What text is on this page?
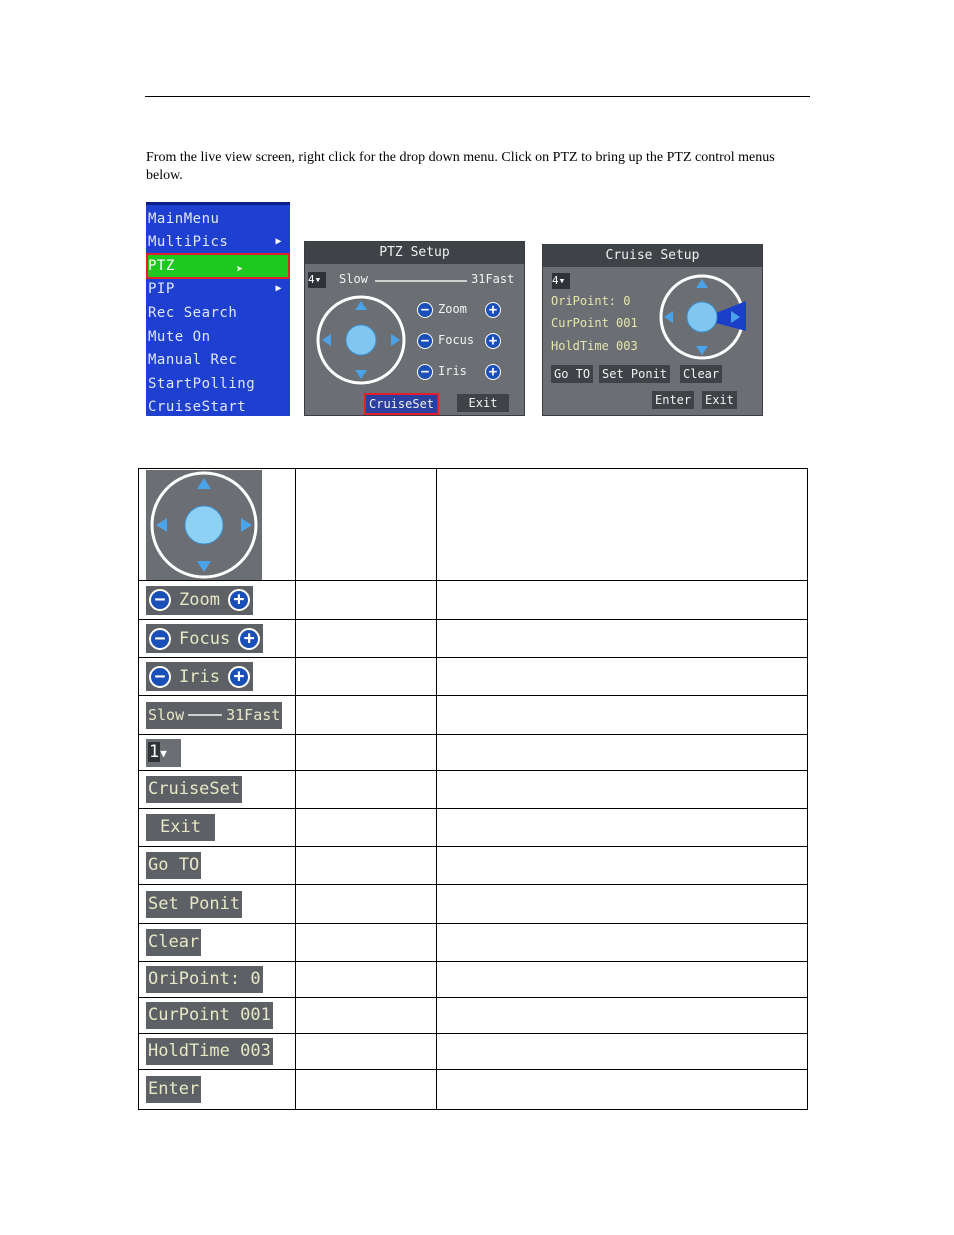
From the live view screen, right click for the drop down menu. Click on PTZ to bring up the PTZ control menus below.
MainMenu
MultiPics	▶
PTZ	➤
PIP	▶
Rec Search
Mute On
Manual Rec
StartPolling
CruiseStart
PTZ Setup
4▾	Slow	31Fast
− Zoom +
− Focus +
− Iris +
CruiseSet	Exit
Cruise Setup
4▾
OriPoint: 0
CurPoint 001
HoldTime 003
Go TO Set Ponit Clear
Enter Exit

− Zoom +		

− Focus +		

− Iris +		

Slow 31Fast		
1▼		
CruiseSet		
Exit		
Go TO		
Set Ponit		
Clear		
OriPoint: 0		
CurPoint 001		
HoldTime 003		
Enter		
